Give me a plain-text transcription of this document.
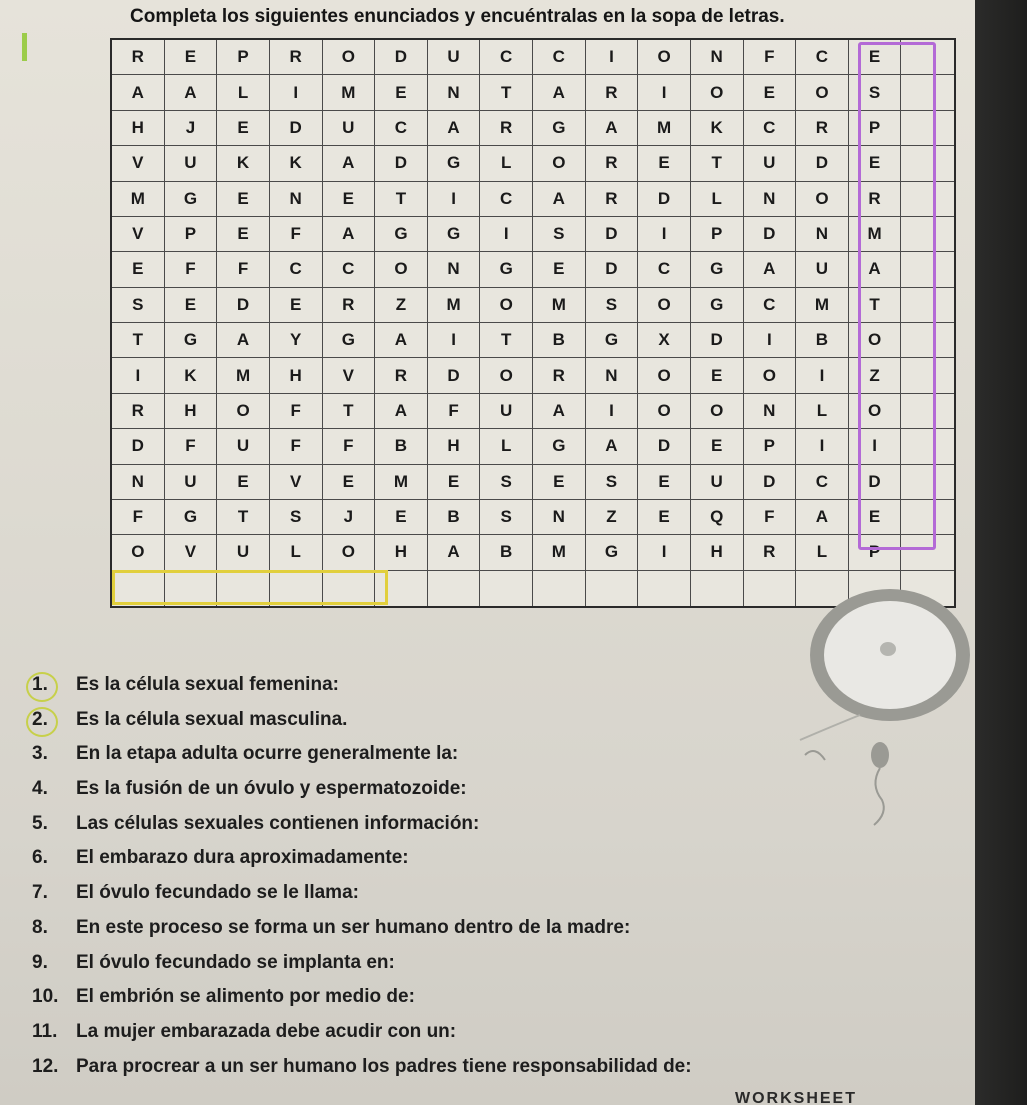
Completa los siguientes enunciados y encuéntralas en la sopa de letras.
R	E	P	R	O	D	U	C	C	I	O	N	F	C	E
A	A	L	I	M	E	N	T	A	R	I	O	E	O	S
H	J	E	D	U	C	A	R	G	A	M	K	C	R	P
V	U	K	K	A	D	G	L	O	R	E	T	U	D	E
M	G	E	N	E	T	I	C	A	R	D	L	N	O	R
V	P	E	F	A	G	G	I	S	D	I	P	D	N	M
E	F	F	C	C	O	N	G	E	D	C	G	A	U	A
S	E	D	E	R	Z	M	O	M	S	O	G	C	M	T
T	G	A	Y	G	A	I	T	B	G	X	D	I	B	O
I	K	M	H	V	R	D	O	R	N	O	E	O	I	Z
R	H	O	F	T	A	F	U	A	I	O	O	N	L	O
D	F	U	F	F	B	H	L	G	A	D	E	P	I	I
N	U	E	V	E	M	E	S	E	S	E	U	D	C	D
F	G	T	S	J	E	B	S	N	Z	E	Q	F	A	E
O	V	U	L	O	H	A	B	M	G	I	H	R	L	P
1. Es la célula sexual femenina:
2. Es la célula sexual masculina.
3. En la etapa adulta ocurre generalmente la:
4. Es la fusión de un óvulo y espermatozoide:
5. Las células sexuales contienen información:
6. El embarazo dura aproximadamente:
7. El óvulo fecundado se le llama:
8. En este proceso se forma un ser humano dentro de la madre:
9. El óvulo fecundado se implanta en:
10. El embrión se alimento por medio de:
11. La mujer embarazada debe acudir con un:
12. Para procrear a un ser humano los padres tiene responsabilidad de:
WORKSHEET
